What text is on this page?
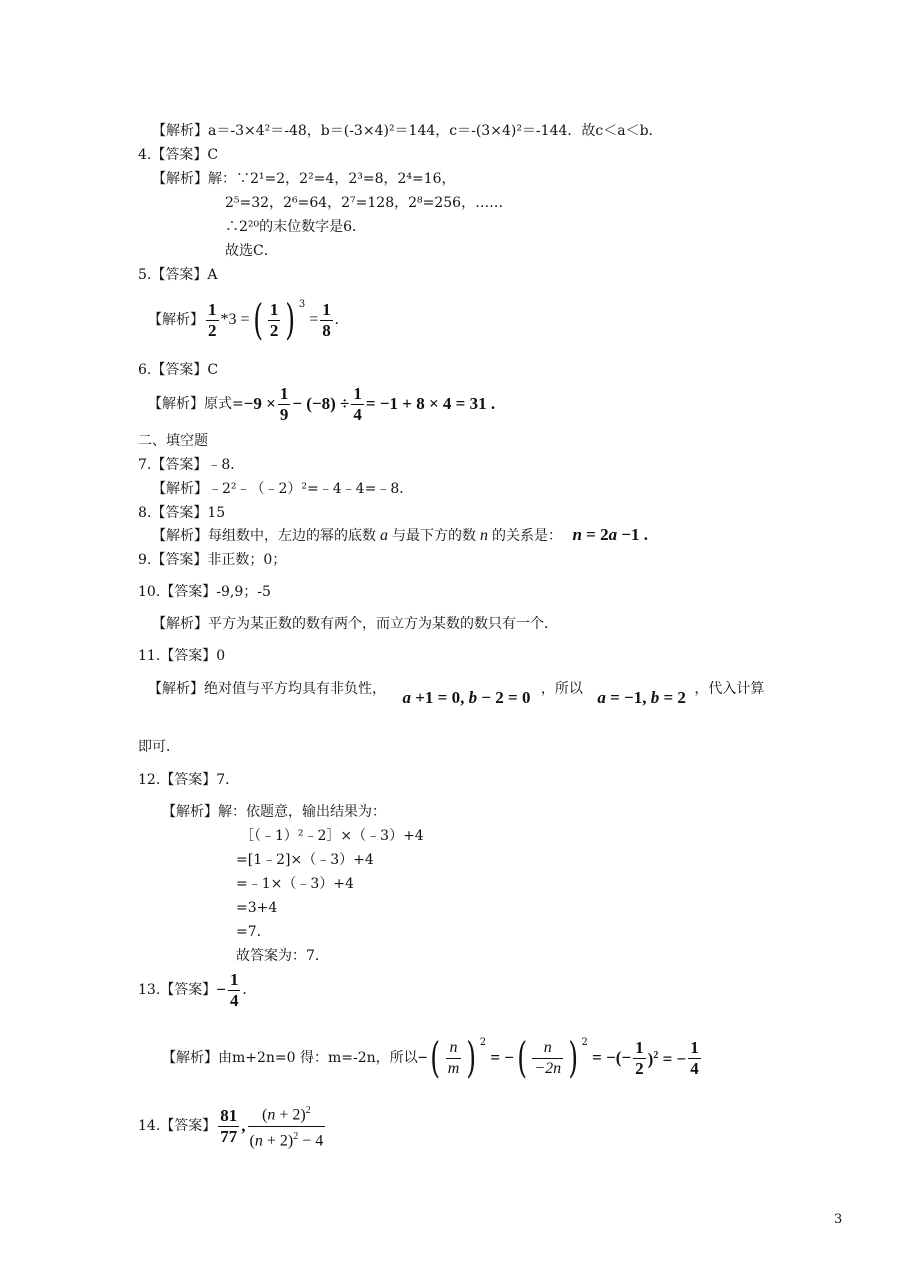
【解析】a＝-3×4²＝-48，b＝(-3×4)²＝144，c＝-(3×4)²＝-144．故c＜a＜b．
4.【答案】C
【解析】解：∵2¹=2，2²=4，2³=8，2⁴=16，
2⁵=32，2⁶=64，2⁷=128，2⁸=256，……
∴2²⁰的末位数字是6．
故选C．
5.【答案】A
【解析】 $\frac{1}{2} *3$ = ( $\frac{1}{2}$ ) 3
= $\frac{1}{8}$ .
6.【答案】C
【解析】 原式= $-9 \times \frac{1}{9} - (-8) \div \frac{1}{4} = -1 + 8 \times 4 = 31$ .
二、填空题
7.【答案】﹣8．
【解析】﹣2²﹣（﹣2）²=﹣4﹣4=﹣8．
8.【答案】15
【解析】每组数中，左边的幂的底数 a 与最下方的数 n 的关系是： n = 2a −1 .
9.【答案】非正数；0；
10.【答案】-9,9；-5
【解析】平方为某正数的数有两个，而立方为某数的数只有一个．
11.【答案】0
【解析】绝对值与平方均具有非负性， a +1 = 0, b − 2 = 0 ，所以 a = −1, b = 2 ，代入计算
即可．
12.【答案】7．
【解析】解：依题意，输出结果为：
［（﹣1）²﹣2］×（﹣3）+4
=[1﹣2]×（﹣3）+4
=﹣1×（﹣3）+4
=3+4
=7．
故答案为：7．
13.【答案】 − $\frac{1}{4}$ .
【解析】 由m+2n=0 得：m=-2n，所以 − ( $\frac{n}{m}$ ) 2
= − ( $\frac{n}{-2n}$ ) 2
= −(− $\frac{1}{2} )^2$ = − $\frac{1}{4}$
14.【答案】 $\frac{81}{77}$ , $\frac{(n + 2)^2}{(n + 2)^2 - 4}$
3
